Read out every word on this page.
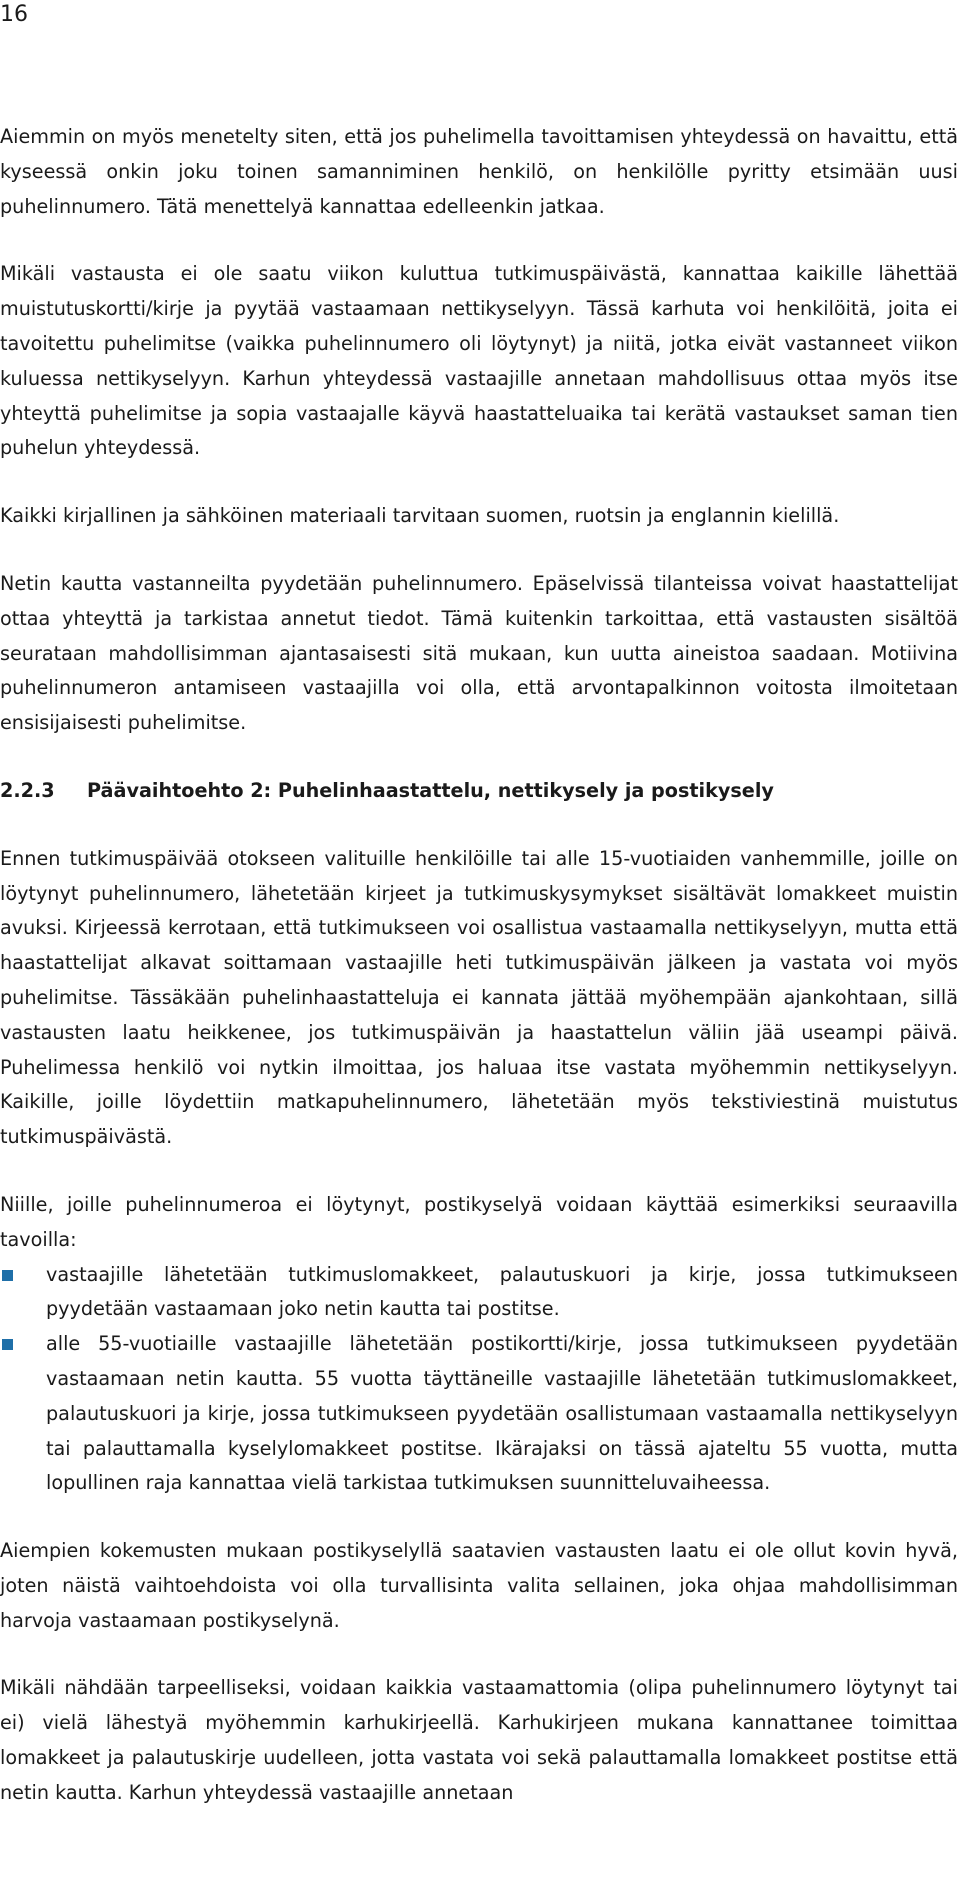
16

Aiemmin on myös menetelty siten, että jos puhelimella tavoittamisen yhteydessä on havaittu, että kyseessä onkin joku toinen samanniminen henkilö, on henkilölle pyritty etsimään uusi puhelinnumero. Tätä menettelyä kannattaa edelleenkin jatkaa.

Mikäli vastausta ei ole saatu viikon kuluttua tutkimuspäivästä, kannattaa kaikille lähettää muistutuskortti/kirje ja pyytää vastaamaan nettikyselyyn. Tässä karhuta voi henkilöitä, joita ei tavoitettu puhelimitse (vaikka puhelinnumero oli löytynyt) ja niitä, jotka eivät vastanneet viikon kuluessa nettikyselyyn. Karhun yhteydessä vastaajille annetaan mahdollisuus ottaa myös itse yhteyttä puhelimitse ja sopia vastaajalle käyvä haastatteluaika tai kerätä vastaukset saman tien puhelun yhteydessä.

Kaikki kirjallinen ja sähköinen materiaali tarvitaan suomen, ruotsin ja englannin kielillä.

Netin kautta vastanneilta pyydetään puhelinnumero. Epäselvissä tilanteissa voivat haastattelijat ottaa yhteyttä ja tarkistaa annetut tiedot. Tämä kuitenkin tarkoittaa, että vastausten sisältöä seurataan mahdollisimman ajantasaisesti sitä mukaan, kun uutta aineistoa saadaan. Motiivina puhelinnumeron antamiseen vastaajilla voi olla, että arvontapalkinnon voitosta ilmoitetaan ensisijaisesti puhelimitse.

2.2.3 Päävaihtoehto 2: Puhelinhaastattelu, nettikysely ja postikysely

Ennen tutkimuspäivää otokseen valituille henkilöille tai alle 15-vuotiaiden vanhemmille, joille on löytynyt puhelinnumero, lähetetään kirjeet ja tutkimuskysymykset sisältävät lomakkeet muistin avuksi. Kirjeessä kerrotaan, että tutkimukseen voi osallistua vastaamalla nettikyselyyn, mutta että haastattelijat alkavat soittamaan vastaajille heti tutkimuspäivän jälkeen ja vastata voi myös puhelimitse. Tässäkään puhelinhaastatteluja ei kannata jättää myöhempään ajankohtaan, sillä vastausten laatu heikkenee, jos tutkimuspäivän ja haastattelun väliin jää useampi päivä. Puhelimessa henkilö voi nytkin ilmoittaa, jos haluaa itse vastata myöhemmin nettikyselyyn. Kaikille, joille löydettiin matkapuhelinnumero, lähetetään myös tekstiviestinä muistutus tutkimuspäivästä.

Niille, joille puhelinnumeroa ei löytynyt, postikyselyä voidaan käyttää esimerkiksi seuraavilla tavoilla:

vastaajille lähetetään tutkimuslomakkeet, palautuskuori ja kirje, jossa tutkimukseen pyydetään vastaamaan joko netin kautta tai postitse.
alle 55-vuotiaille vastaajille lähetetään postikortti/kirje, jossa tutkimukseen pyydetään vastaamaan netin kautta. 55 vuotta täyttäneille vastaajille lähetetään tutkimuslomakkeet, palautuskuori ja kirje, jossa tutkimukseen pyydetään osallistumaan vastaamalla nettikyselyyn tai palauttamalla kyselylomakkeet postitse. Ikärajaksi on tässä ajateltu 55 vuotta, mutta lopullinen raja kannattaa vielä tarkistaa tutkimuksen suunnitteluvaiheessa.

Aiempien kokemusten mukaan postikyselyllä saatavien vastausten laatu ei ole ollut kovin hyvä, joten näistä vaihtoehdoista voi olla turvallisinta valita sellainen, joka ohjaa mahdollisimman harvoja vastaamaan postikyselynä.

Mikäli nähdään tarpeelliseksi, voidaan kaikkia vastaamattomia (olipa puhelinnumero löytynyt tai ei) vielä lähestyä myöhemmin karhukirjeellä. Karhukirjeen mukana kannattanee toimittaa lomakkeet ja palautuskirje uudelleen, jotta vastata voi sekä palauttamalla lomakkeet postitse että netin kautta. Karhun yhteydessä vastaajille annetaan
